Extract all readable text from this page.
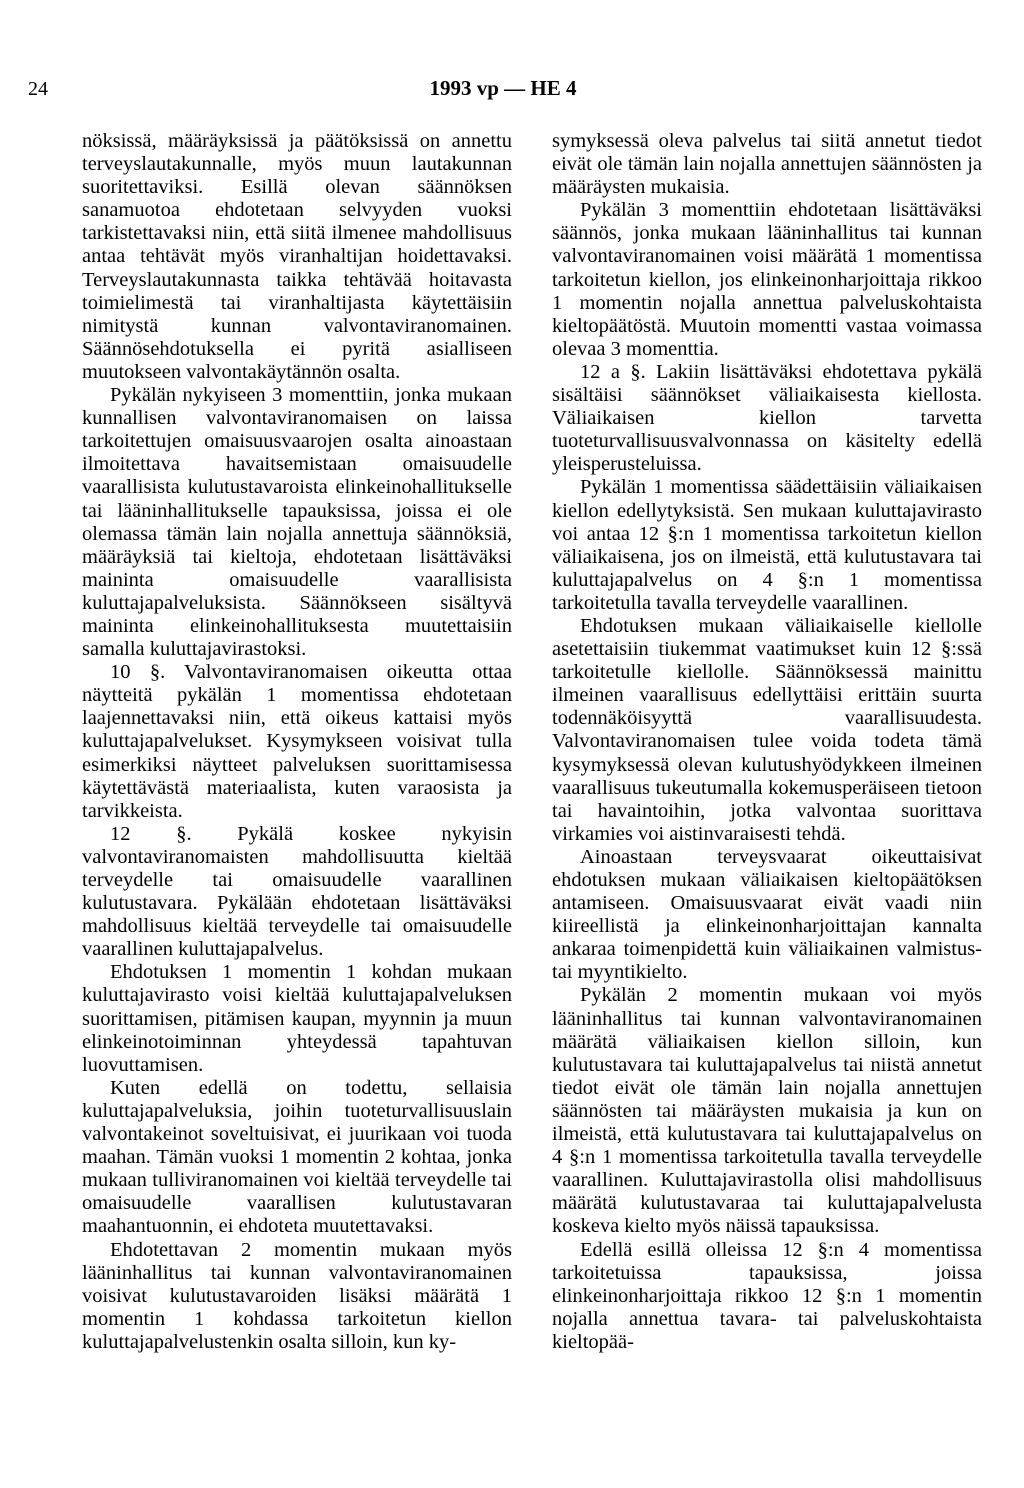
24	1993 vp — HE 4

nöksissä, määräyksissä ja päätöksissä on annettu terveyslautakunnalle, myös muun lautakunnan suoritettaviksi. Esillä olevan säännöksen sanamuotoa ehdotetaan selvyyden vuoksi tarkistettavaksi niin, että siitä ilmenee mahdollisuus antaa tehtävät myös viranhaltijan hoidettavaksi. Terveyslautakunnasta taikka tehtävää hoitavasta toimielimestä tai viranhaltijasta käytettäisiin nimitystä kunnan valvontaviranomainen. Säännösehdotuksella ei pyritä asialliseen muutokseen valvontakäytännön osalta.

Pykälän nykyiseen 3 momenttiin, jonka mukaan kunnallisen valvontaviranomaisen on laissa tarkoitettujen omaisuusvaarojen osalta ainoastaan ilmoitettava havaitsemistaan omaisuudelle vaarallisista kulutustavaroista elinkeinohallitukselle tai lääninhallitukselle tapauksissa, joissa ei ole olemassa tämän lain nojalla annettuja säännöksiä, määräyksiä tai kieltoja, ehdotetaan lisättäväksi maininta omaisuudelle vaarallisista kuluttajapalveluksista. Säännökseen sisältyvä maininta elinkeinohallituksesta muutettaisiin samalla kuluttajavirastoksi.

10 §. Valvontaviranomaisen oikeutta ottaa näytteitä pykälän 1 momentissa ehdotetaan laajennettavaksi niin, että oikeus kattaisi myös kuluttajapalvelukset. Kysymykseen voisivat tulla esimerkiksi näytteet palveluksen suorittamisessa käytettävästä materiaalista, kuten varaosista ja tarvikkeista.

12 §. Pykälä koskee nykyisin valvontaviranomaisten mahdollisuutta kieltää terveydelle tai omaisuudelle vaarallinen kulutustavara. Pykälään ehdotetaan lisättäväksi mahdollisuus kieltää terveydelle tai omaisuudelle vaarallinen kuluttajapalvelus.

Ehdotuksen 1 momentin 1 kohdan mukaan kuluttajavirasto voisi kieltää kuluttajapalveluksen suorittamisen, pitämisen kaupan, myynnin ja muun elinkeinotoiminnan yhteydessä tapahtuvan luovuttamisen.

Kuten edellä on todettu, sellaisia kuluttajapalveluksia, joihin tuoteturvallisuuslain valvontakeinot soveltuisivat, ei juurikaan voi tuoda maahan. Tämän vuoksi 1 momentin 2 kohtaa, jonka mukaan tulliviranomainen voi kieltää terveydelle tai omaisuudelle vaarallisen kulutustavaran maahantuonnin, ei ehdoteta muutettavaksi.

Ehdotettavan 2 momentin mukaan myös lääninhallitus tai kunnan valvontaviranomainen voisivat kulutustavaroiden lisäksi määrätä 1 momentin 1 kohdassa tarkoitetun kiellon kuluttajapalvelustenkin osalta silloin, kun ky-

symyksessä oleva palvelus tai siitä annetut tiedot eivät ole tämän lain nojalla annettujen säännösten ja määräysten mukaisia.

Pykälän 3 momenttiin ehdotetaan lisättäväksi säännös, jonka mukaan lääninhallitus tai kunnan valvontaviranomainen voisi määrätä 1 momentissa tarkoitetun kiellon, jos elinkeinonharjoittaja rikkoo 1 momentin nojalla annettua palveluskohtaista kieltopäätöstä. Muutoin momentti vastaa voimassa olevaa 3 momenttia.

12 a §. Lakiin lisättäväksi ehdotettava pykälä sisältäisi säännökset väliaikaisesta kiellosta. Väliaikaisen kiellon tarvetta tuoteturvallisuusvalvonnassa on käsitelty edellä yleisperusteluissa.

Pykälän 1 momentissa säädettäisiin väliaikaisen kiellon edellytyksistä. Sen mukaan kuluttajavirasto voi antaa 12 §:n 1 momentissa tarkoitetun kiellon väliaikaisena, jos on ilmeistä, että kulutustavara tai kuluttajapalvelus on 4 §:n 1 momentissa tarkoitetulla tavalla terveydelle vaarallinen.

Ehdotuksen mukaan väliaikaiselle kiellolle asetettaisiin tiukemmat vaatimukset kuin 12 §:ssä tarkoitetulle kiellolle. Säännöksessä mainittu ilmeinen vaarallisuus edellyttäisi erittäin suurta todennäköisyyttä vaarallisuudesta. Valvontaviranomaisen tulee voida todeta tämä kysymyksessä olevan kulutushyödykkeen ilmeinen vaarallisuus tukeutumalla kokemusperäiseen tietoon tai havaintoihin, jotka valvontaa suorittava virkamies voi aistinvaraisesti tehdä.

Ainoastaan terveysvaarat oikeuttaisivat ehdotuksen mukaan väliaikaisen kieltopäätöksen antamiseen. Omaisuusvaarat eivät vaadi niin kiireellistä ja elinkeinonharjoittajan kannalta ankaraa toimenpidettä kuin väliaikainen valmistus- tai myyntikielto.

Pykälän 2 momentin mukaan voi myös lääninhallitus tai kunnan valvontaviranomainen määrätä väliaikaisen kiellon silloin, kun kulutustavara tai kuluttajapalvelus tai niistä annetut tiedot eivät ole tämän lain nojalla annettujen säännösten tai määräysten mukaisia ja kun on ilmeistä, että kulutustavara tai kuluttajapalvelus on 4 §:n 1 momentissa tarkoitetulla tavalla terveydelle vaarallinen. Kuluttajavirastolla olisi mahdollisuus määrätä kulutustavaraa tai kuluttajapalvelusta koskeva kielto myös näissä tapauksissa.

Edellä esillä olleissa 12 §:n 4 momentissa tarkoitetuissa tapauksissa, joissa elinkeinonharjoittaja rikkoo 12 §:n 1 momentin nojalla annettua tavara- tai palveluskohtaista kieltopää-
